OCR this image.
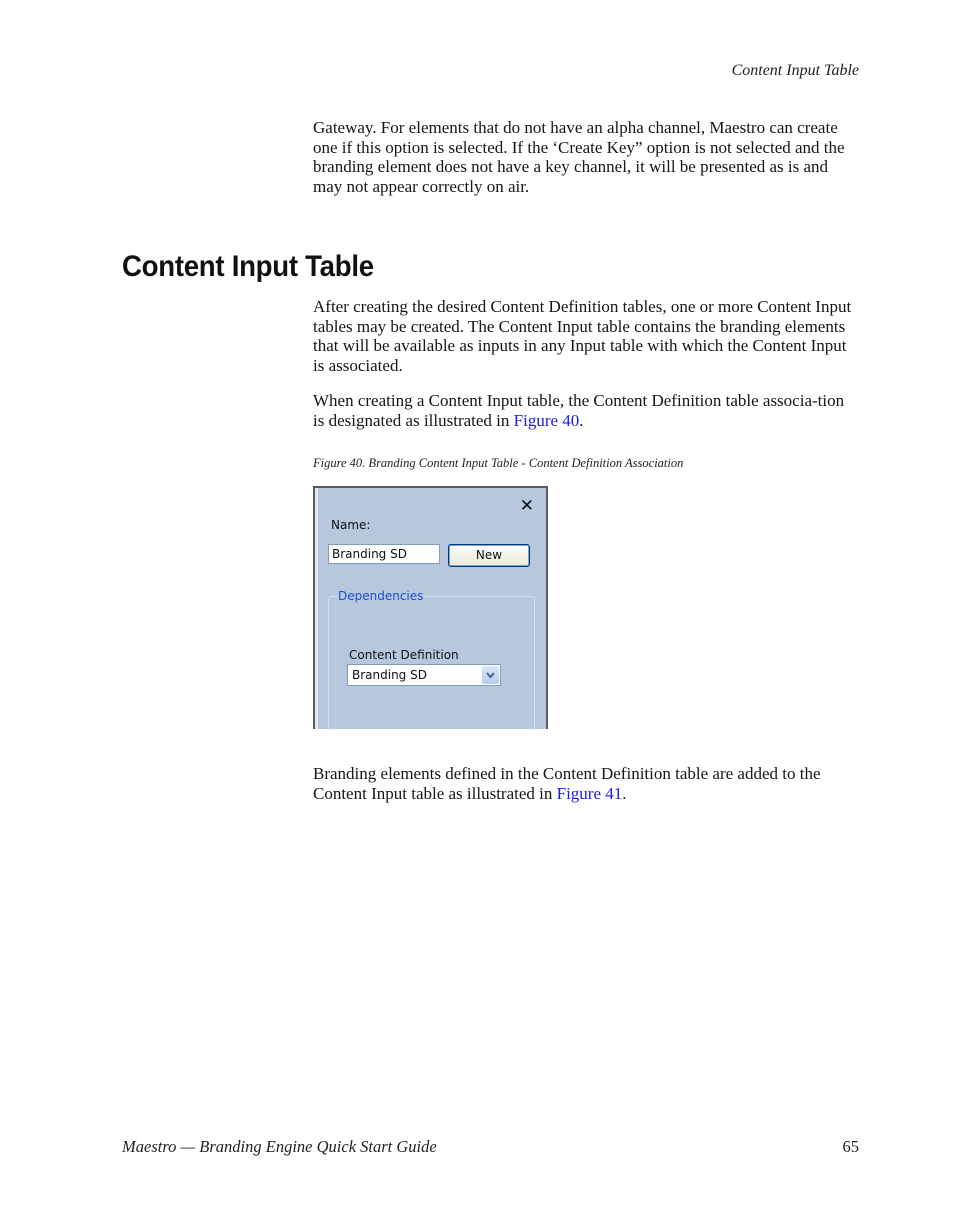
Content Input Table

Gateway. For elements that do not have an alpha channel, Maestro can create one if this option is selected. If the ‘Create Key” option is not selected and the branding element does not have a key channel, it will be presented as is and may not appear correctly on air.

Content Input Table

After creating the desired Content Definition tables, one or more Content Input tables may be created. The Content Input table contains the branding elements that will be available as inputs in any Input table with which the Content Input is associated.

When creating a Content Input table, the Content Definition table associa-tion is designated as illustrated in Figure 40.

Figure 40. Branding Content Input Table - Content Definition Association
✕
Name:
Branding SD	New
Dependencies
Content Definition
Branding SD

Branding elements defined in the Content Definition table are added to the Content Input table as illustrated in Figure 41.

Maestro — Branding Engine Quick Start Guide	65
